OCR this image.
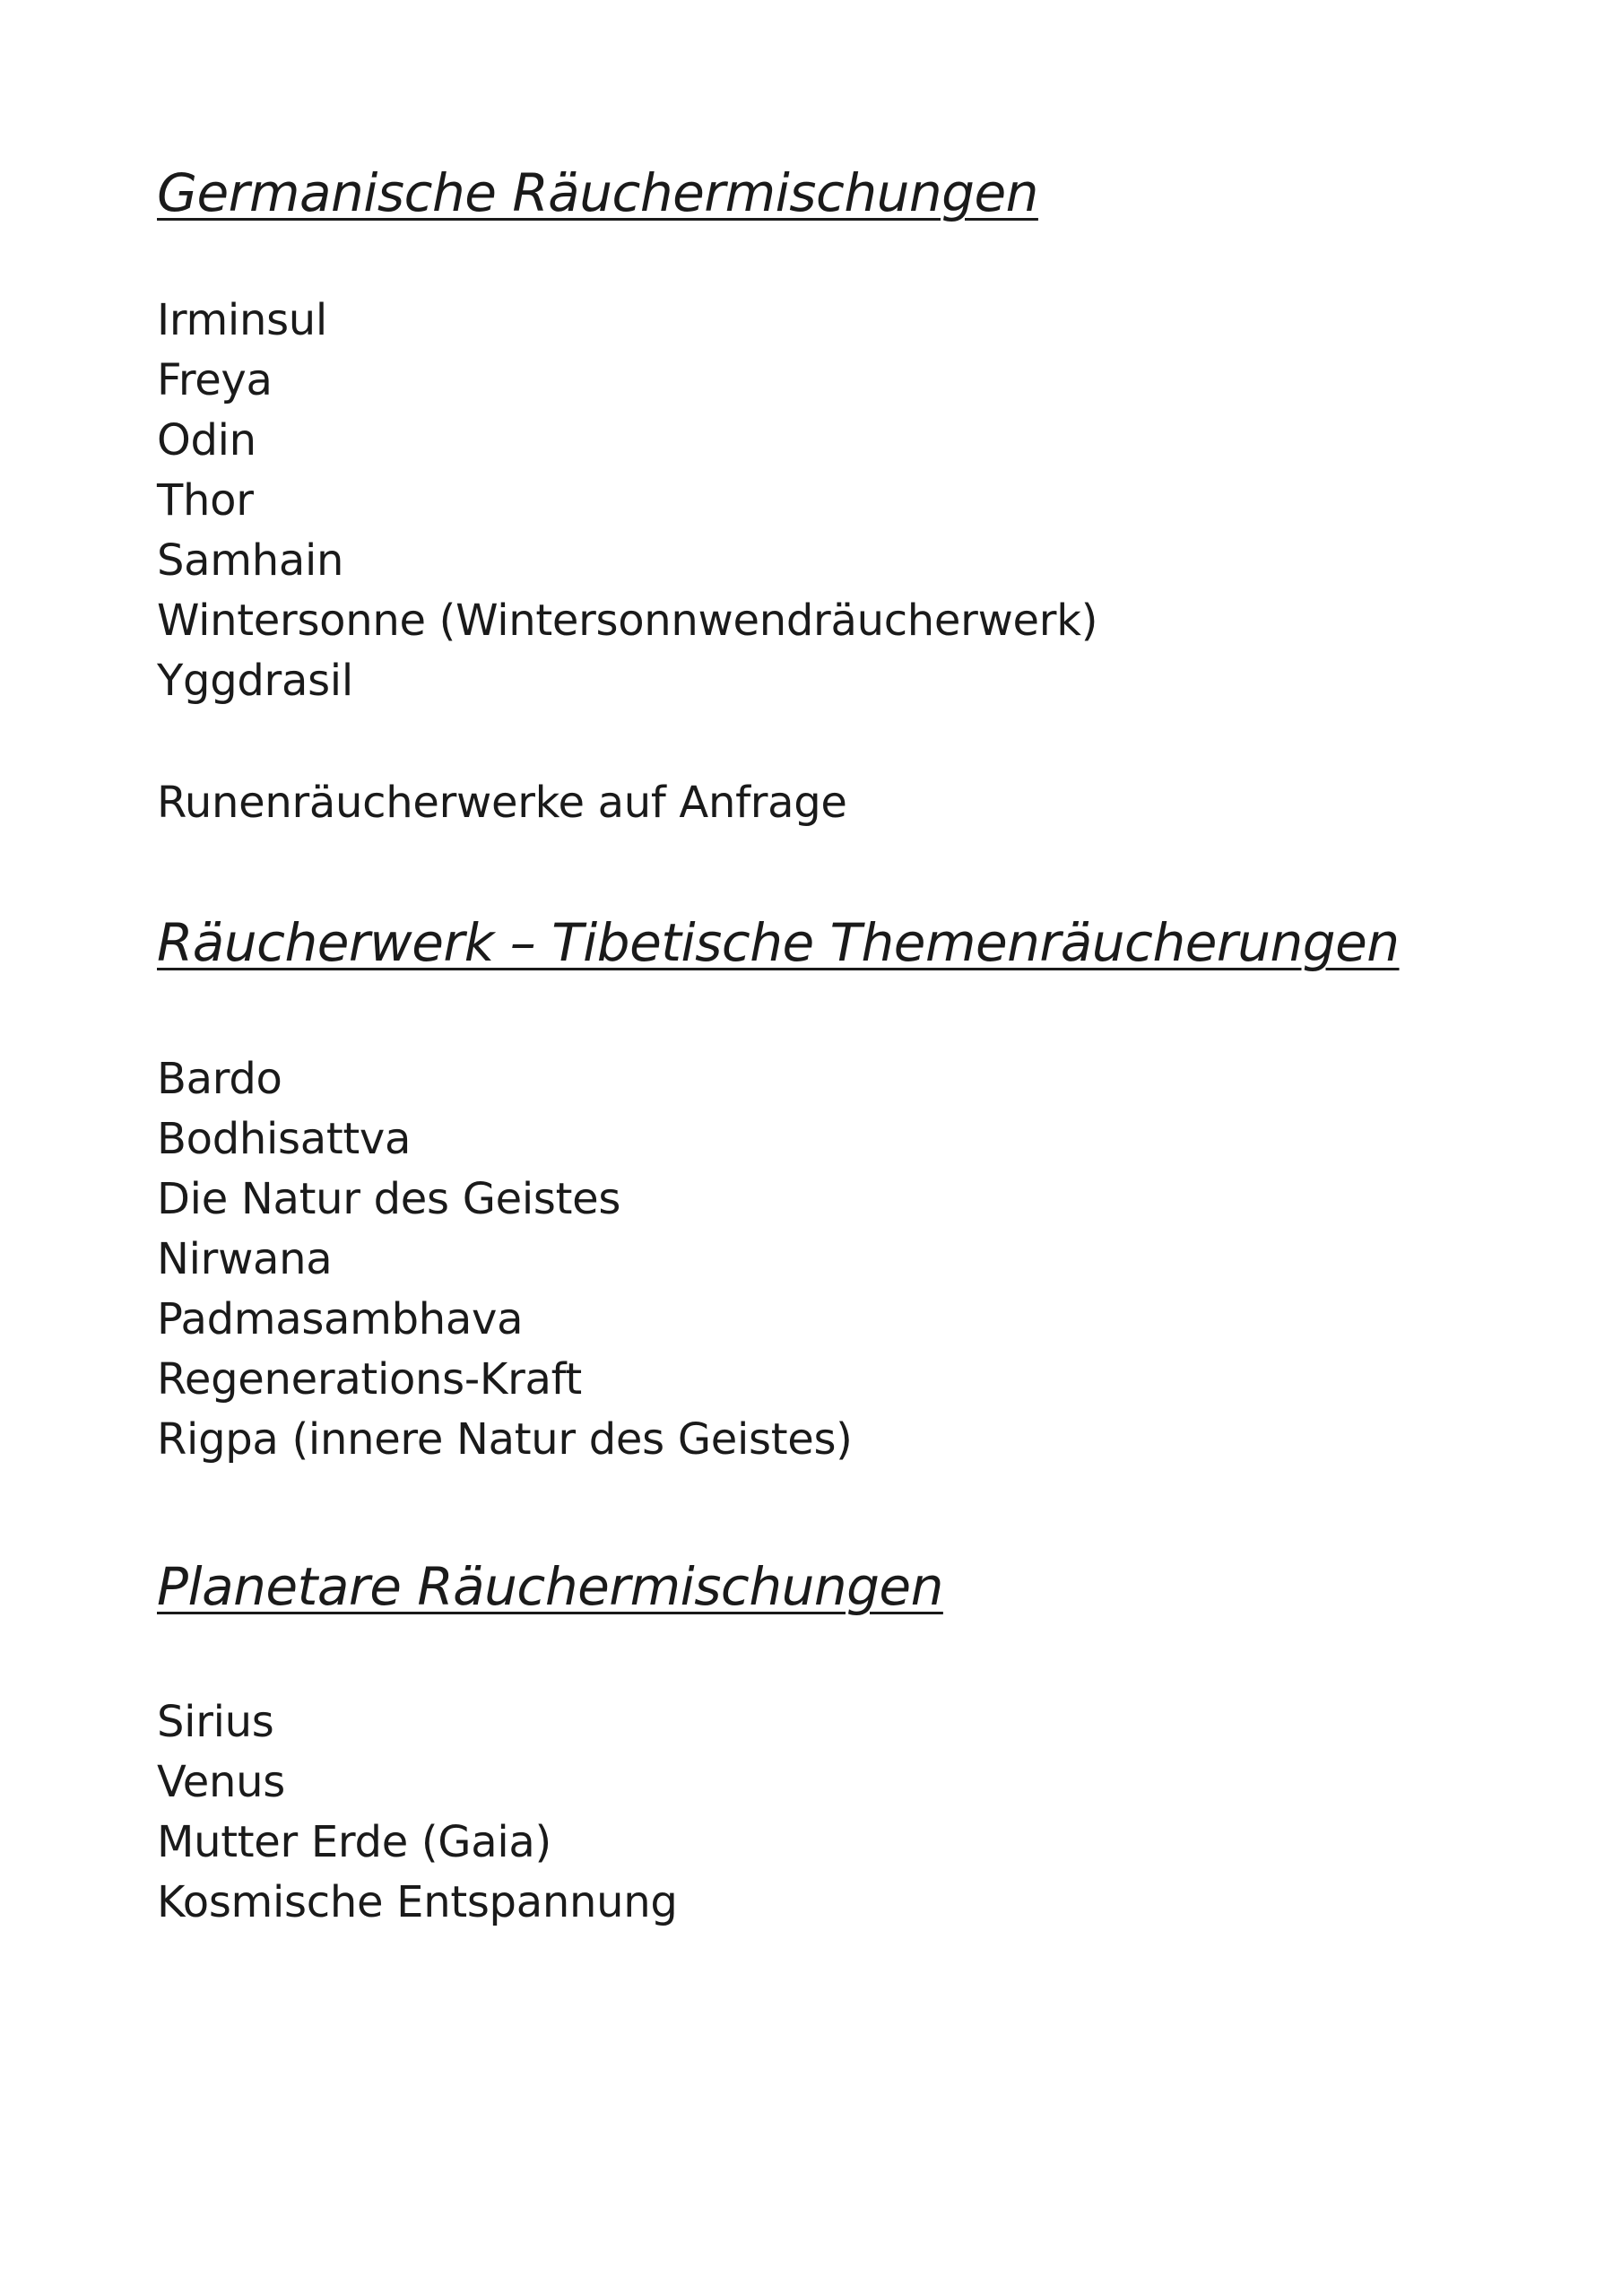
Germanische Räuchermischungen
Irminsul
Freya
Odin
Thor
Samhain
Wintersonne (Wintersonnwendräucherwerk)
Yggdrasil

Runenräucherwerke auf Anfrage

Räucherwerk – Tibetische Themenräucherungen
Bardo
Bodhisattva
Die Natur des Geistes
Nirwana
Padmasambhava
Regenerations-Kraft
Rigpa (innere Natur des Geistes)
Planetare Räuchermischungen
Sirius
Venus
Mutter Erde (Gaia)
Kosmische Entspannung
